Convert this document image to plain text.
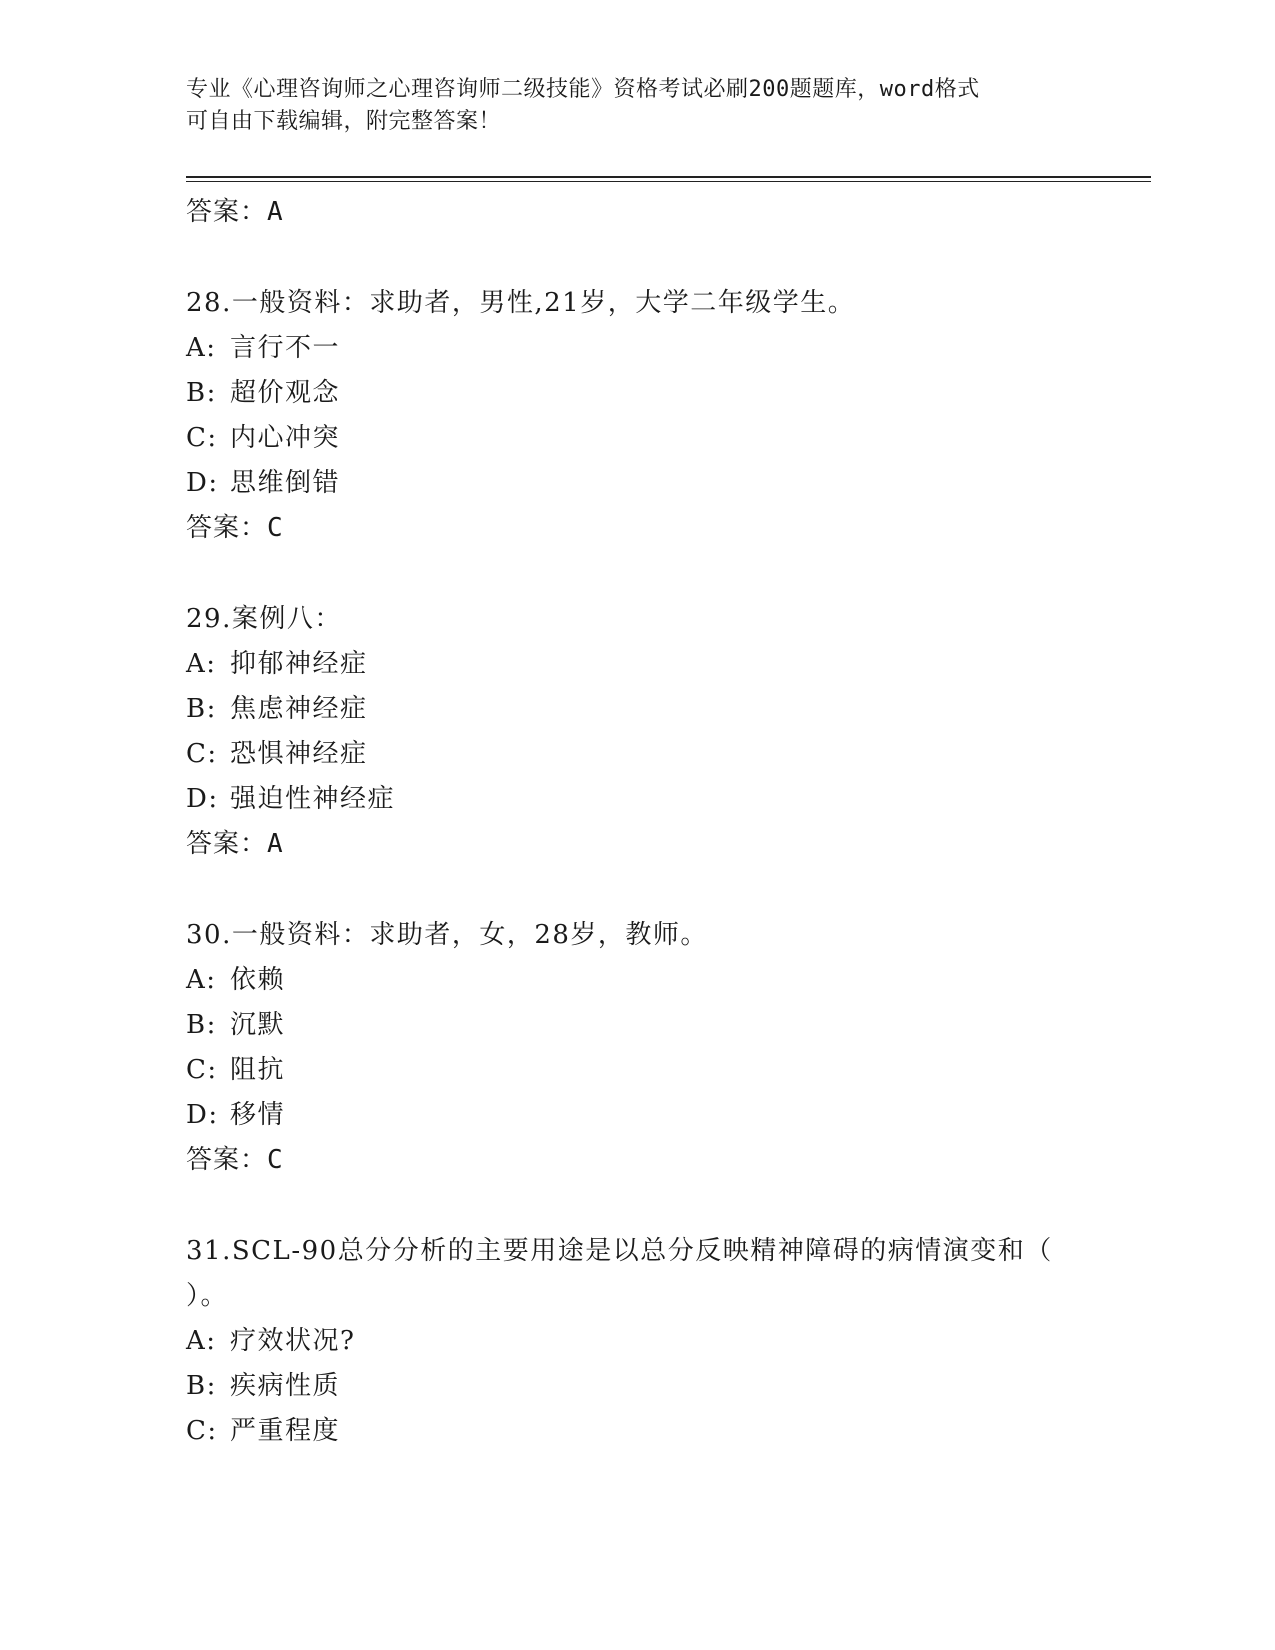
专业《心理咨询师之心理咨询师二级技能》资格考试必刷200题题库，word格式
可自由下载编辑，附完整答案！
答案：A
28.一般资料：求助者，男性,21岁，大学二年级学生。
A: 言行不一
B: 超价观念
C: 内心冲突
D: 思维倒错
答案：C
29.案例八：
A: 抑郁神经症
B: 焦虑神经症
C: 恐惧神经症
D: 强迫性神经症
答案：A
30.一般资料：求助者，女，28岁，教师。
A: 依赖
B: 沉默
C: 阻抗
D: 移情
答案：C
31.SCL-90总分分析的主要用途是以总分反映精神障碍的病情演变和（
）。
A: 疗效状况?
B: 疾病性质
C: 严重程度
